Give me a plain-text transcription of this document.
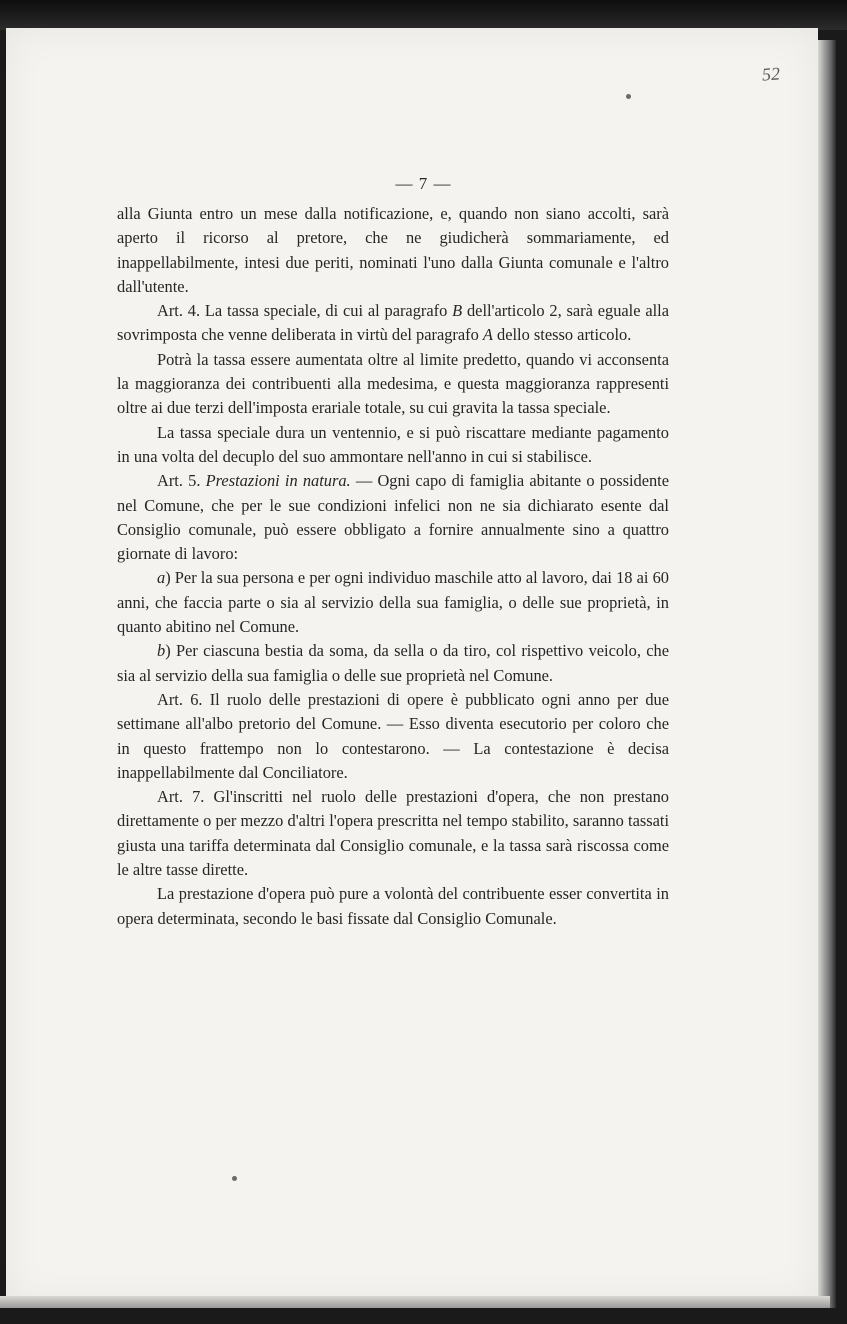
52
— 7 —

alla Giunta entro un mese dalla notificazione, e, quando non siano accolti, sarà aperto il ricorso al pretore, che ne giudicherà sommariamente, ed inappellabilmente, intesi due periti, nominati l'uno dalla Giunta comunale e l'altro dall'utente.

Art. 4. La tassa speciale, di cui al paragrafo B dell'articolo 2, sarà eguale alla sovrimposta che venne deliberata in virtù del paragrafo A dello stesso articolo.

Potrà la tassa essere aumentata oltre al limite predetto, quando vi acconsenta la maggioranza dei contribuenti alla medesima, e questa maggioranza rappresenti oltre ai due terzi dell'imposta erariale totale, su cui gravita la tassa speciale.

La tassa speciale dura un ventennio, e si può riscattare mediante pagamento in una volta del decuplo del suo ammontare nell'anno in cui si stabilisce.

Art. 5. Prestazioni in natura. — Ogni capo di famiglia abitante o possidente nel Comune, che per le sue condizioni infelici non ne sia dichiarato esente dal Consiglio comunale, può essere obbligato a fornire annualmente sino a quattro giornate di lavoro:

a) Per la sua persona e per ogni individuo maschile atto al lavoro, dai 18 ai 60 anni, che faccia parte o sia al servizio della sua famiglia, o delle sue proprietà, in quanto abitino nel Comune.

b) Per ciascuna bestia da soma, da sella o da tiro, col rispettivo veicolo, che sia al servizio della sua famiglia o delle sue proprietà nel Comune.

Art. 6. Il ruolo delle prestazioni di opere è pubblicato ogni anno per due settimane all'albo pretorio del Comune. — Esso diventa esecutorio per coloro che in questo frattempo non lo contestarono. — La contestazione è decisa inappellabilmente dal Conciliatore.

Art. 7. Gl'inscritti nel ruolo delle prestazioni d'opera, che non prestano direttamente o per mezzo d'altri l'opera prescritta nel tempo stabilito, saranno tassati giusta una tariffa determinata dal Consiglio comunale, e la tassa sarà riscossa come le altre tasse dirette.

La prestazione d'opera può pure a volontà del contribuente esser convertita in opera determinata, secondo le basi fissate dal Consiglio Comunale.
